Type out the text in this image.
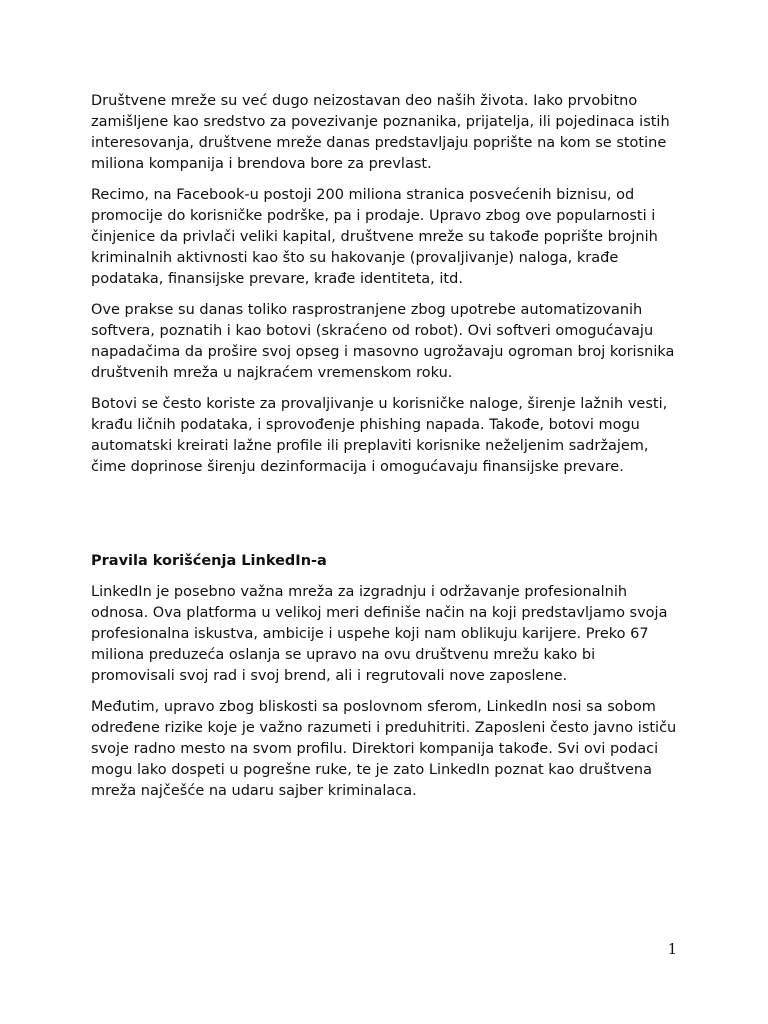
Društvene mreže su već dugo neizostavan deo naših života. Iako prvobitno zamišljene kao sredstvo za povezivanje poznanika, prijatelja, ili pojedinaca istih interesovanja, društvene mreže danas predstavljaju poprište na kom se stotine miliona kompanija i brendova bore za prevlast.

Recimo, na Facebook-u postoji 200 miliona stranica posvećenih biznisu, od promocije do korisničke podrške, pa i prodaje. Upravo zbog ove popularnosti i činjenice da privlači veliki kapital, društvene mreže su takođe poprište brojnih kriminalnih aktivnosti kao što su hakovanje (provaljivanje) naloga, krađe podataka, finansijske prevare, krađe identiteta, itd.

Ove prakse su danas toliko rasprostranjene zbog upotrebe automatizovanih softvera, poznatih i kao botovi (skraćeno od robot). Ovi softveri omogućavaju napadačima da prošire svoj opseg i masovno ugrožavaju ogroman broj korisnika društvenih mreža u najkraćem vremenskom roku.

Botovi se često koriste za provaljivanje u korisničke naloge, širenje lažnih vesti, krađu ličnih podataka, i sprovođenje phishing napada. Takođe, botovi mogu automatski kreirati lažne profile ili preplaviti korisnike neželjenim sadržajem, čime doprinose širenju dezinformacija i omogućavaju finansijske prevare.

Pravila korišćenja LinkedIn-a

LinkedIn je posebno važna mreža za izgradnju i održavanje profesionalnih odnosa. Ova platforma u velikoj meri definiše način na koji predstavljamo svoja profesionalna iskustva, ambicije i uspehe koji nam oblikuju karijere. Preko 67 miliona preduzeća oslanja se upravo na ovu društvenu mrežu kako bi promovisali svoj rad i svoj brend, ali i regrutovali nove zaposlene.

Međutim, upravo zbog bliskosti sa poslovnom sferom, LinkedIn nosi sa sobom određene rizike koje je važno razumeti i preduhitriti. Zaposleni često javno ističu svoje radno mesto na svom profilu. Direktori kompanija takođe. Svi ovi podaci mogu lako dospeti u pogrešne ruke, te je zato LinkedIn poznat kao društvena mreža najčešće na udaru sajber kriminalaca.

1
